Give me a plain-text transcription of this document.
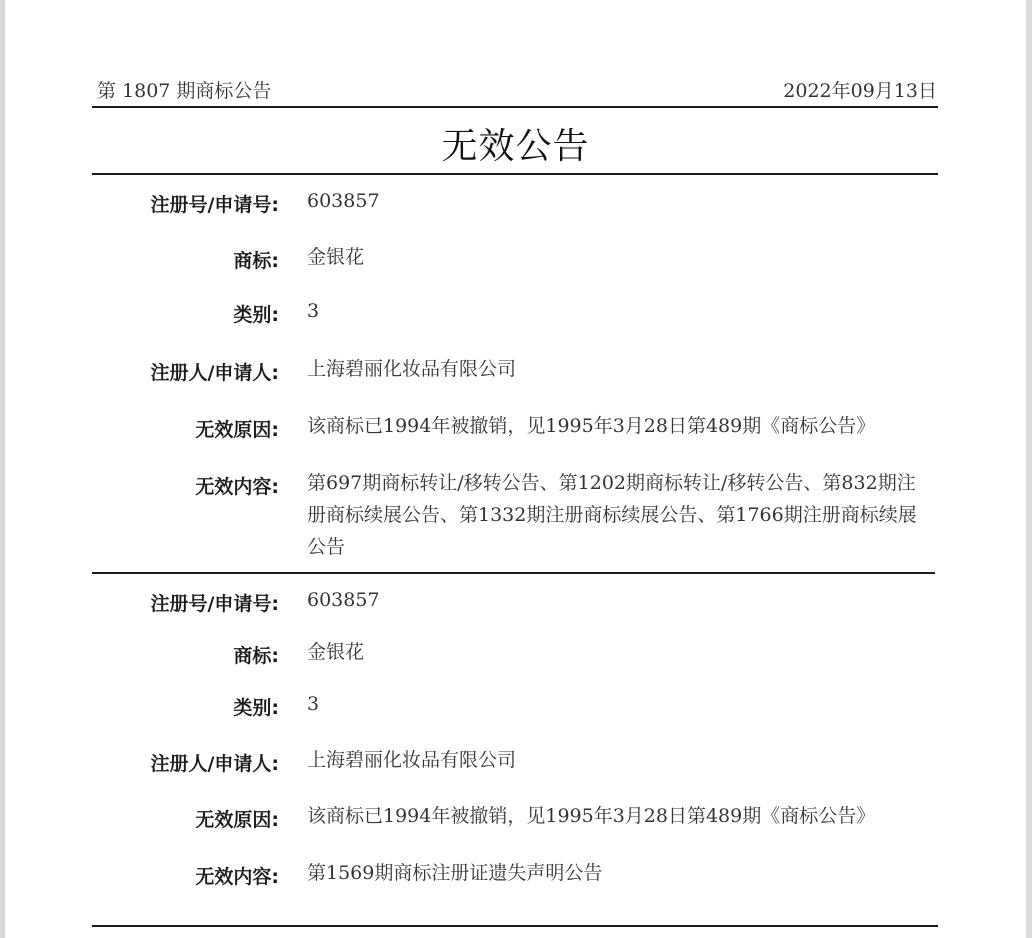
第 1807 期商标公告	2022年09月13日
无效公告
注册号/申请号: 603857
商标: 金银花
类别: 3
注册人/申请人: 上海碧丽化妆品有限公司
无效原因: 该商标已1994年被撤销，见1995年3月28日第489期《商标公告》
无效内容: 第697期商标转让/移转公告、第1202期商标转让/移转公告、第832期注册商标续展公告、第1332期注册商标续展公告、第1766期注册商标续展公告
注册号/申请号: 603857
商标: 金银花
类别: 3
注册人/申请人: 上海碧丽化妆品有限公司
无效原因: 该商标已1994年被撤销，见1995年3月28日第489期《商标公告》
无效内容: 第1569期商标注册证遗失声明公告
